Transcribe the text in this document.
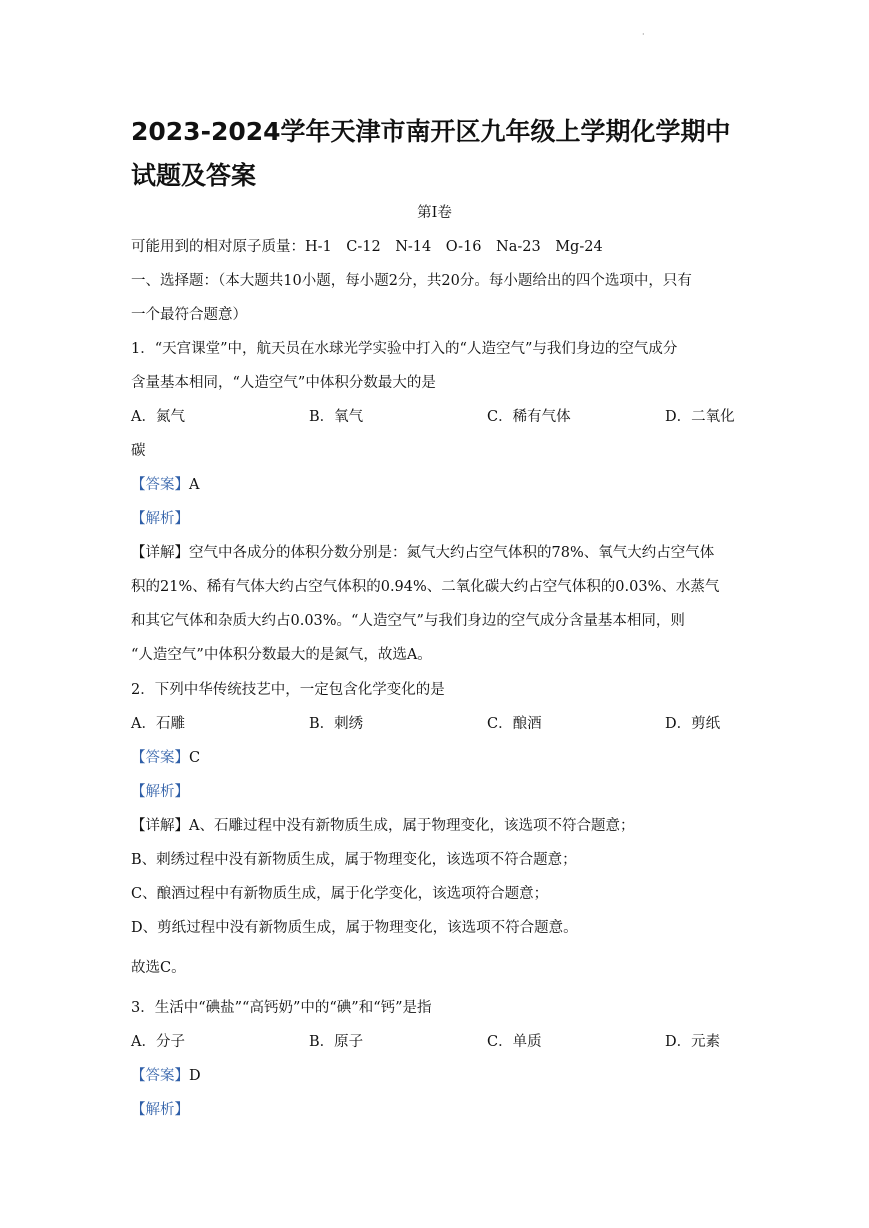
·
2023-2024学年天津市南开区九年级上学期化学期中试题及答案
第Ⅰ卷
可能用到的相对原子质量：H-1　C-12　N-14　O-16　Na-23　Mg-24
一、选择题：（本大题共10小题，每小题2分，共20分。每小题给出的四个选项中，只有
一个最符合题意）
1．“天宫课堂”中，航天员在水球光学实验中打入的“人造空气”与我们身边的空气成分
含量基本相同，“人造空气”中体积分数最大的是
A．氮气	B．氧气	C．稀有气体	D．二氧化
碳
【答案】A
【解析】
【详解】空气中各成分的体积分数分别是：氮气大约占空气体积的78%、氧气大约占空气体
积的21%、稀有气体大约占空气体积的0.94%、二氧化碳大约占空气体积的0.03%、水蒸气
和其它气体和杂质大约占0.03%。“人造空气”与我们身边的空气成分含量基本相同，则
“人造空气”中体积分数最大的是氮气，故选A。
2．下列中华传统技艺中，一定包含化学变化的是
A．石雕	B．刺绣	C．酿酒	D．剪纸
【答案】C
【解析】
【详解】A、石雕过程中没有新物质生成，属于物理变化，该选项不符合题意；
B、刺绣过程中没有新物质生成，属于物理变化，该选项不符合题意；
C、酿酒过程中有新物质生成，属于化学变化，该选项符合题意；
D、剪纸过程中没有新物质生成，属于物理变化，该选项不符合题意。
故选C。
3．生活中“碘盐”“高钙奶”中的“碘”和“钙”是指
A．分子	B．原子	C．单质	D．元素
【答案】D
【解析】
